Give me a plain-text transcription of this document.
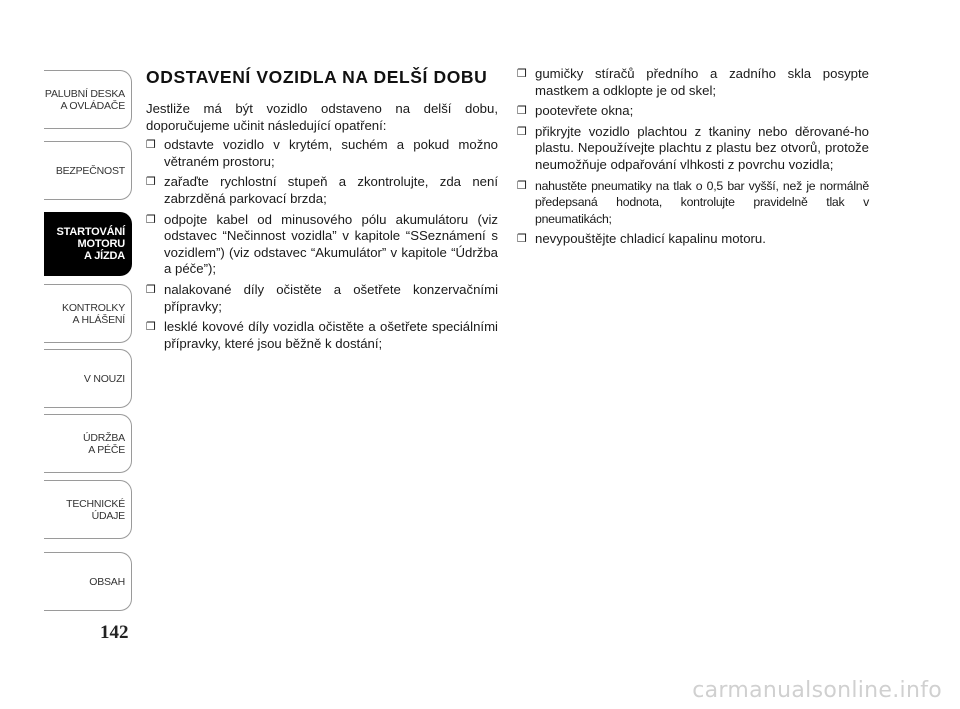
PALUBNÍ DESKA
A OVLÁDAČE
BEZPEČNOST
STARTOVÁNÍ
MOTORU
A JÍZDA
KONTROLKY
A HLÁŠENÍ
V NOUZI
ÚDRŽBA
A PÉČE
TECHNICKÉ
ÚDAJE
OBSAH
142
ODSTAVENÍ VOZIDLA NA DELŠÍ DOBU

Jestliže má být vozidlo odstaveno na delší dobu, doporučujeme učinit následující opatření:

❒ odstavte vozidlo v krytém, suchém a pokud možno větraném prostoru;
❒ zařaďte rychlostní stupeň a zkontrolujte, zda není zabrzděná parkovací brzda;
❒ odpojte kabel od minusového pólu akumulátoru (viz odstavec “Nečinnost vozidla” v kapitole “SSeznámení s vozidlem”) (viz odstavec “Akumulátor” v kapitole “Údržba a péče”);
❒ nalakované díly očistěte a ošetřete konzervačními přípravky;
❒ lesklé kovové díly vozidla očistěte a ošetřete speciálními přípravky, které jsou běžně k dostání;
❒ gumičky stíračů předního a zadního skla posypte mastkem a odklopte je od skel;
❒ pootevřete okna;
❒ přikryjte vozidlo plachtou z tkaniny nebo děrované-ho plastu. Nepoužívejte plachtu z plastu bez otvorů, protože neumožňuje odpařování vlhkosti z povrchu vozidla;
❒ nahustěte pneumatiky na tlak o 0,5 bar vyšší, než je normálně předepsaná hodnota, kontrolujte pravidelně tlak v pneumatikách;
❒ nevypouštějte chladicí kapalinu motoru.
carmanualsonline.info
